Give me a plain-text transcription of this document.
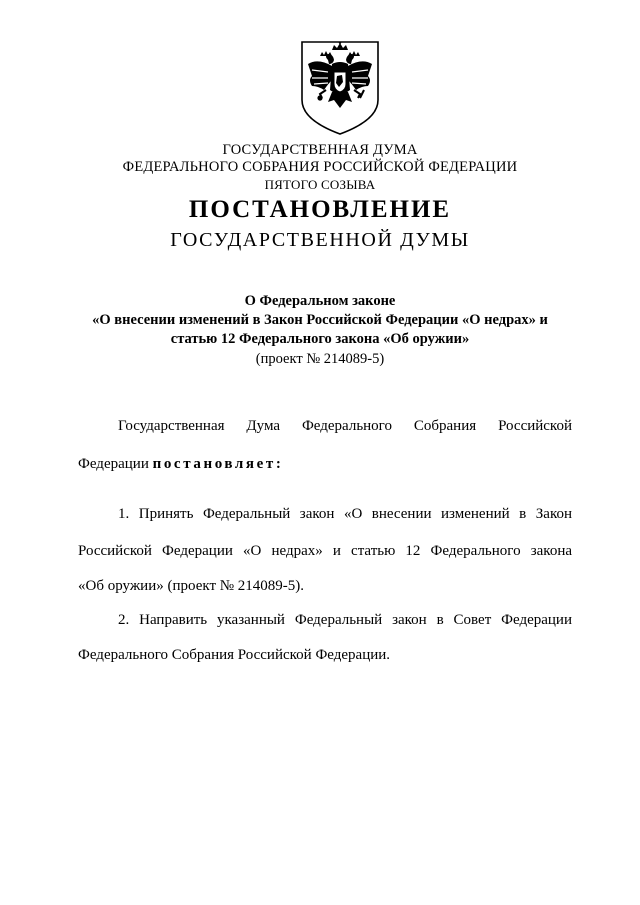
ГОСУДАРСТВЕННАЯ ДУМА
ФЕДЕРАЛЬНОГО СОБРАНИЯ РОССИЙСКОЙ ФЕДЕРАЦИИ
ПЯТОГО СОЗЫВА
ПОСТАНОВЛЕНИЕ
ГОСУДАРСТВЕННОЙ ДУМЫ
О Федеральном законе
«О внесении изменений в Закон Российской Федерации «О недрах» и
статью 12 Федерального закона «Об оружии»
(проект № 214089-5)
Государственная Дума Федерального Собрания Российской
Федерации постановляет:
1. Принять Федеральный закон «О внесении изменений в Закон
Российской Федерации «О недрах» и статью 12 Федерального закона
«Об оружии» (проект № 214089-5).
2. Направить указанный Федеральный закон в Совет Федерации
Федерального Собрания Российской Федерации.
